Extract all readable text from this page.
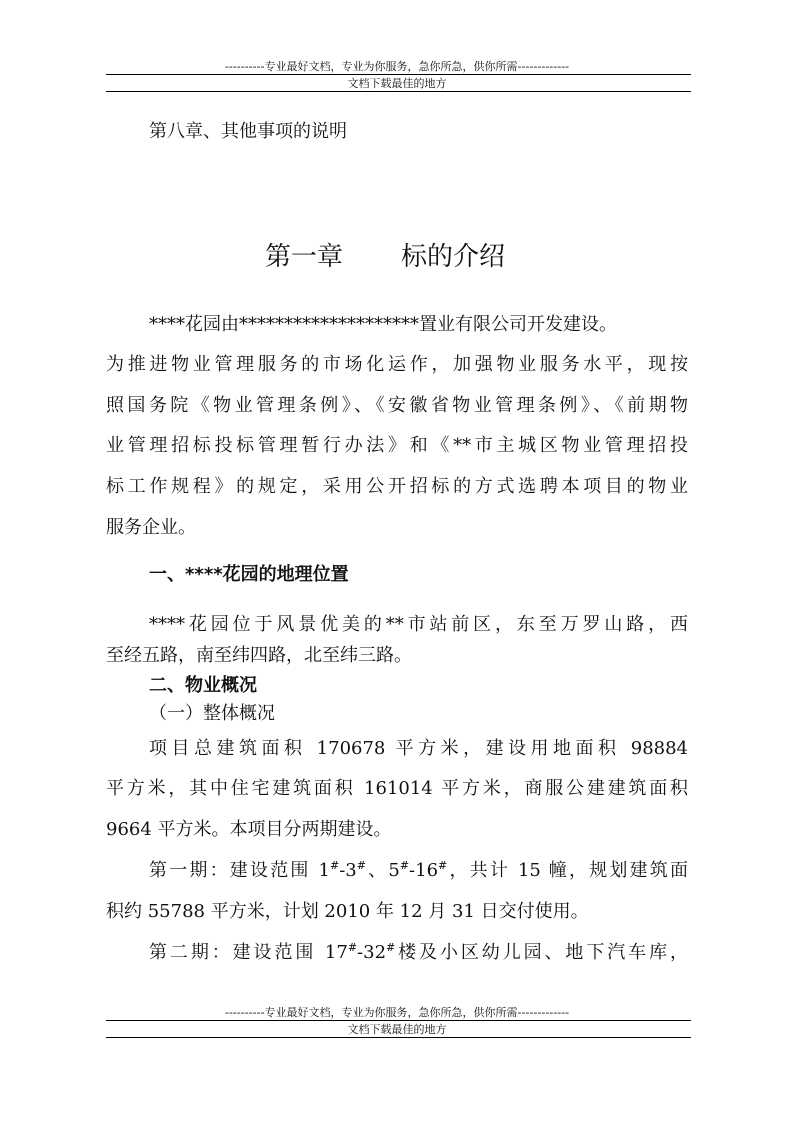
----------专业最好文档，专业为你服务，急你所急，供你所需-------------
文档下载最佳的地方
第八章、其他事项的说明
第一章 标的介绍
****花园由********************置业有限公司开发建设。
为推进物业管理服务的市场化运作，加强物业服务水平，现按
照国务院《物业管理条例》、《安徽省物业管理条例》、《前期物
业管理招标投标管理暂行办法》和《**市主城区物业管理招投
标工作规程》的规定，采用公开招标的方式选聘本项目的物业
服务企业。
一、****花园的地理位置
****花园位于风景优美的**市站前区，东至万罗山路，西
至经五路，南至纬四路，北至纬三路。
二、物业概况
（一）整体概况
项目总建筑面积 170678 平方米，建设用地面积 98884
平方米，其中住宅建筑面积 161014 平方米，商服公建建筑面积
9664 平方米。本项目分两期建设。
第一期：建设范围 1#-3#、5#-16#，共计 15 幢，规划建筑面
积约 55788 平方米，计划 2010 年 12 月 31 日交付使用。
第二期：建设范围 17#-32#楼及小区幼儿园、地下汽车库，
----------专业最好文档，专业为你服务，急你所急，供你所需-------------
文档下载最佳的地方
